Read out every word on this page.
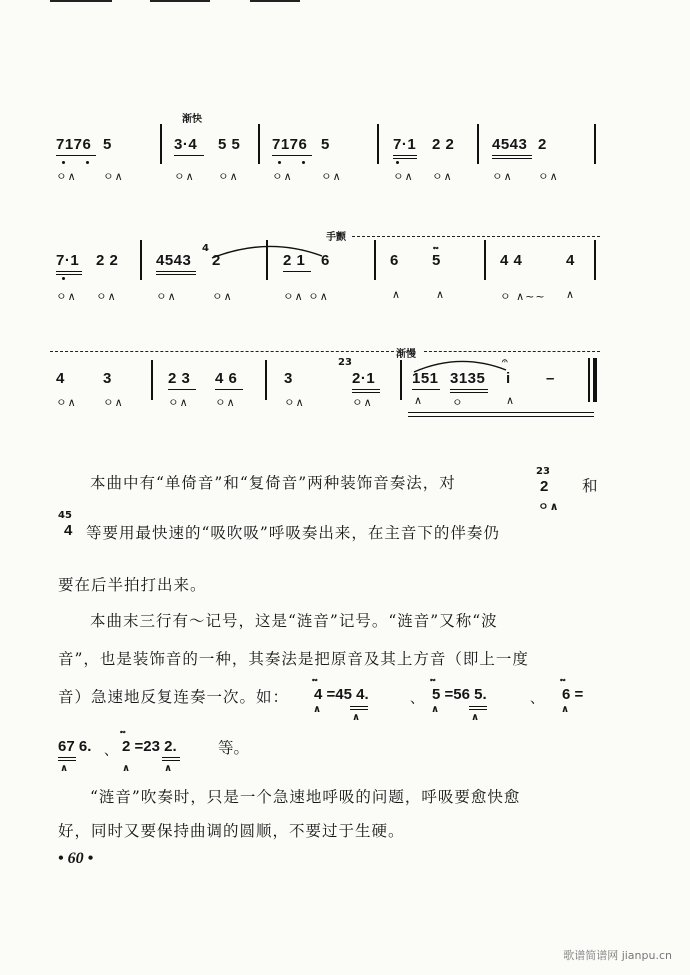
渐快
7176 5	3·4 5 5 7176 5	7·1 2 2	4543 2
ㅇ∧ ㅇ∧	ㅇ∧ ㅇ∧	ㅇ∧	ㅇ∧	ㅇ∧ ㅇ∧	ㅇ∧ ㅇ∧
手颤
7·1 2 2	4543
4
2	2 1 6	6
𝆗
5	4 4	4
ㅇ∧ ㅇ∧	ㅇ∧	ㅇ∧	ㅇ∧ ㅇ∧	∧	∧	ㅇ ∧~~ ∧
渐慢
4	3	2 3 4 6	3
23
2·1 151 3135
𝄐
i –
ㅇ∧ ㅇ∧	ㅇ∧ ㅇ∧	ㅇ∧	ㅇ∧	∧	ㅇ	∧
本曲中有“单倚音”和“复倚音”两种装饰音奏法，对
23
2
ㅇ∧
和
45
4 等要用最快速的“吸吹吸”呼吸奏出来，在主音下的伴奏仍
要在后半拍打出来。
本曲末三行有～记号，这是“涟音”记号。“涟音”又称“波
音”，也是装饰音的一种，其奏法是把原音及其上方音（即上一度
音）急速地反复连奏一次。如：	4 =45 4.
𝆗
∧
∧
、 5 =56 5.
𝆗
∧
∧
、 6 =
𝆗
∧
67 6.
∧
、 2 =23 2.
𝆗
∧	∧
等。
“涟音”吹奏时，只是一个急速地呼吸的问题，呼吸要愈快愈
好，同时又要保持曲调的圆顺，不要过于生硬。
• 60 •
歌谱简谱网 jianpu.cn
